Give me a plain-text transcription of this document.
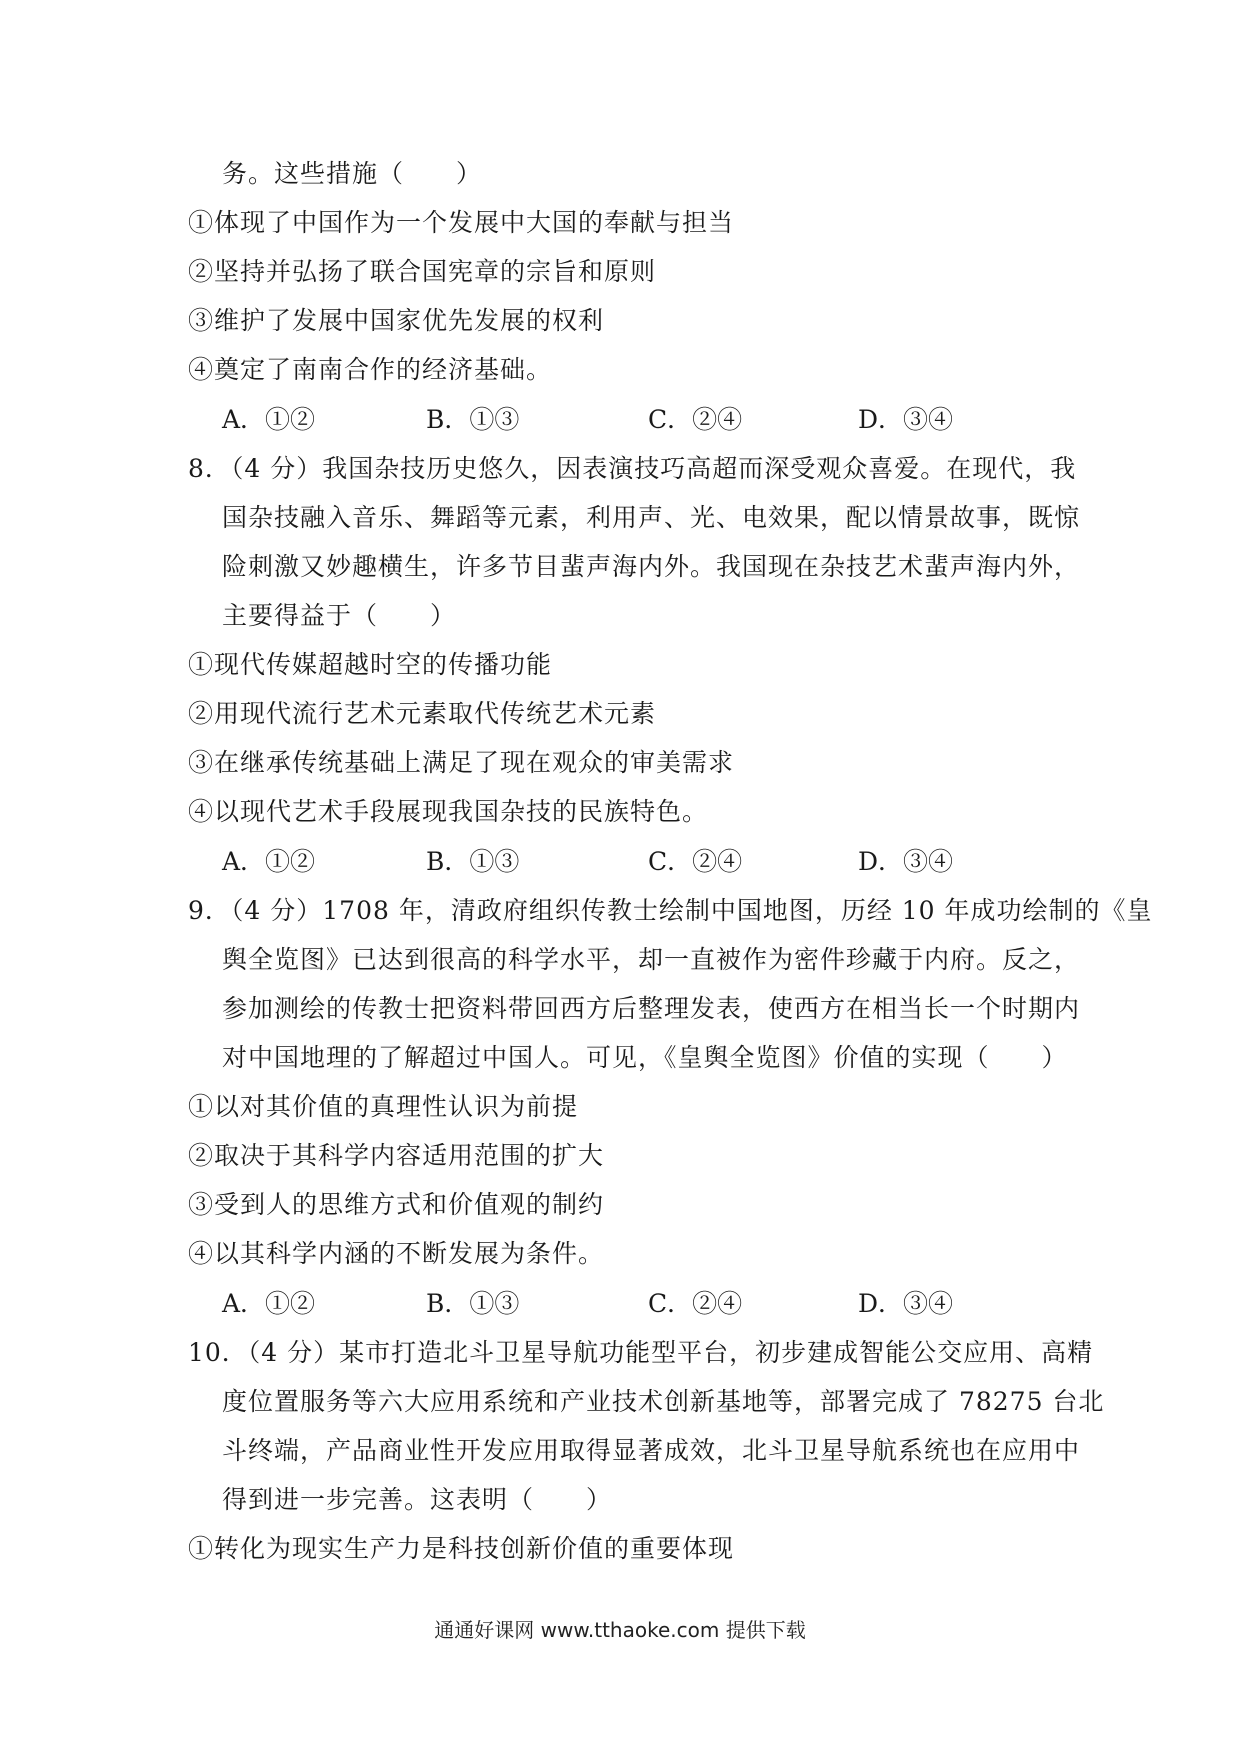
务。这些措施（　　）
①体现了中国作为一个发展中大国的奉献与担当
②坚持并弘扬了联合国宪章的宗旨和原则
③维护了发展中国家优先发展的权利
④奠定了南南合作的经济基础。
A．①②	B．①③	C．②④	D．③④
8．（4 分）我国杂技历史悠久，因表演技巧高超而深受观众喜爱。在现代，我
国杂技融入音乐、舞蹈等元素，利用声、光、电效果，配以情景故事，既惊
险刺激又妙趣横生，许多节目蜚声海内外。我国现在杂技艺术蜚声海内外，
主要得益于（　　）
①现代传媒超越时空的传播功能
②用现代流行艺术元素取代传统艺术元素
③在继承传统基础上满足了现在观众的审美需求
④以现代艺术手段展现我国杂技的民族特色。
A．①②	B．①③	C．②④	D．③④
9．（4 分）1708 年，清政府组织传教士绘制中国地图，历经 10 年成功绘制的《皇
舆全览图》已达到很高的科学水平，却一直被作为密件珍藏于内府。反之，
参加测绘的传教士把资料带回西方后整理发表，使西方在相当长一个时期内
对中国地理的了解超过中国人。可见，《皇舆全览图》价值的实现（　　）
①以对其价值的真理性认识为前提
②取决于其科学内容适用范围的扩大
③受到人的思维方式和价值观的制约
④以其科学内涵的不断发展为条件。
A．①②	B．①③	C．②④	D．③④
10．（4 分）某市打造北斗卫星导航功能型平台，初步建成智能公交应用、高精
度位置服务等六大应用系统和产业技术创新基地等，部署完成了 78275 台北
斗终端，产品商业性开发应用取得显著成效，北斗卫星导航系统也在应用中
得到进一步完善。这表明（　　）
①转化为现实生产力是科技创新价值的重要体现
通通好课网 www.tthaoke.com 提供下载
